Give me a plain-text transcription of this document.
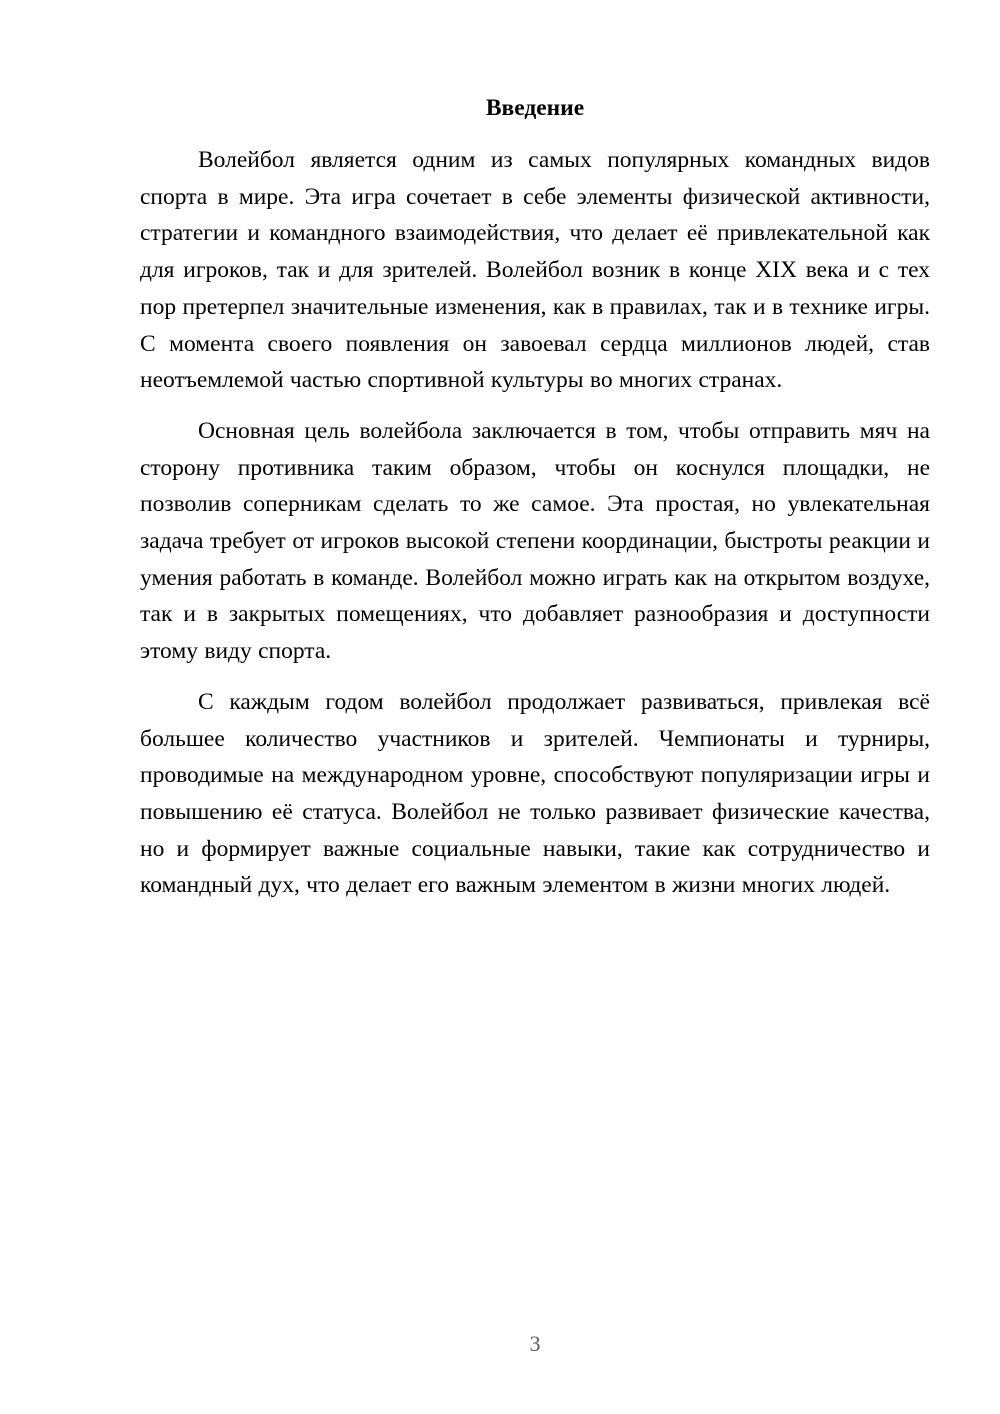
Введение

Волейбол является одним из самых популярных командных видов спорта в мире. Эта игра сочетает в себе элементы физической активности, стратегии и командного взаимодействия, что делает её привлекательной как для игроков, так и для зрителей. Волейбол возник в конце XIX века и с тех пор претерпел значительные изменения, как в правилах, так и в технике игры. С момента своего появления он завоевал сердца миллионов людей, став неотъемлемой частью спортивной культуры во многих странах.

Основная цель волейбола заключается в том, чтобы отправить мяч на сторону противника таким образом, чтобы он коснулся площадки, не позволив соперникам сделать то же самое. Эта простая, но увлекательная задача требует от игроков высокой степени координации, быстроты реакции и умения работать в команде. Волейбол можно играть как на открытом воздухе, так и в закрытых помещениях, что добавляет разнообразия и доступности этому виду спорта.

С каждым годом волейбол продолжает развиваться, привлекая всё большее количество участников и зрителей. Чемпионаты и турниры, проводимые на международном уровне, способствуют популяризации игры и повышению её статуса. Волейбол не только развивает физические качества, но и формирует важные социальные навыки, такие как сотрудничество и командный дух, что делает его важным элементом в жизни многих людей.

3
